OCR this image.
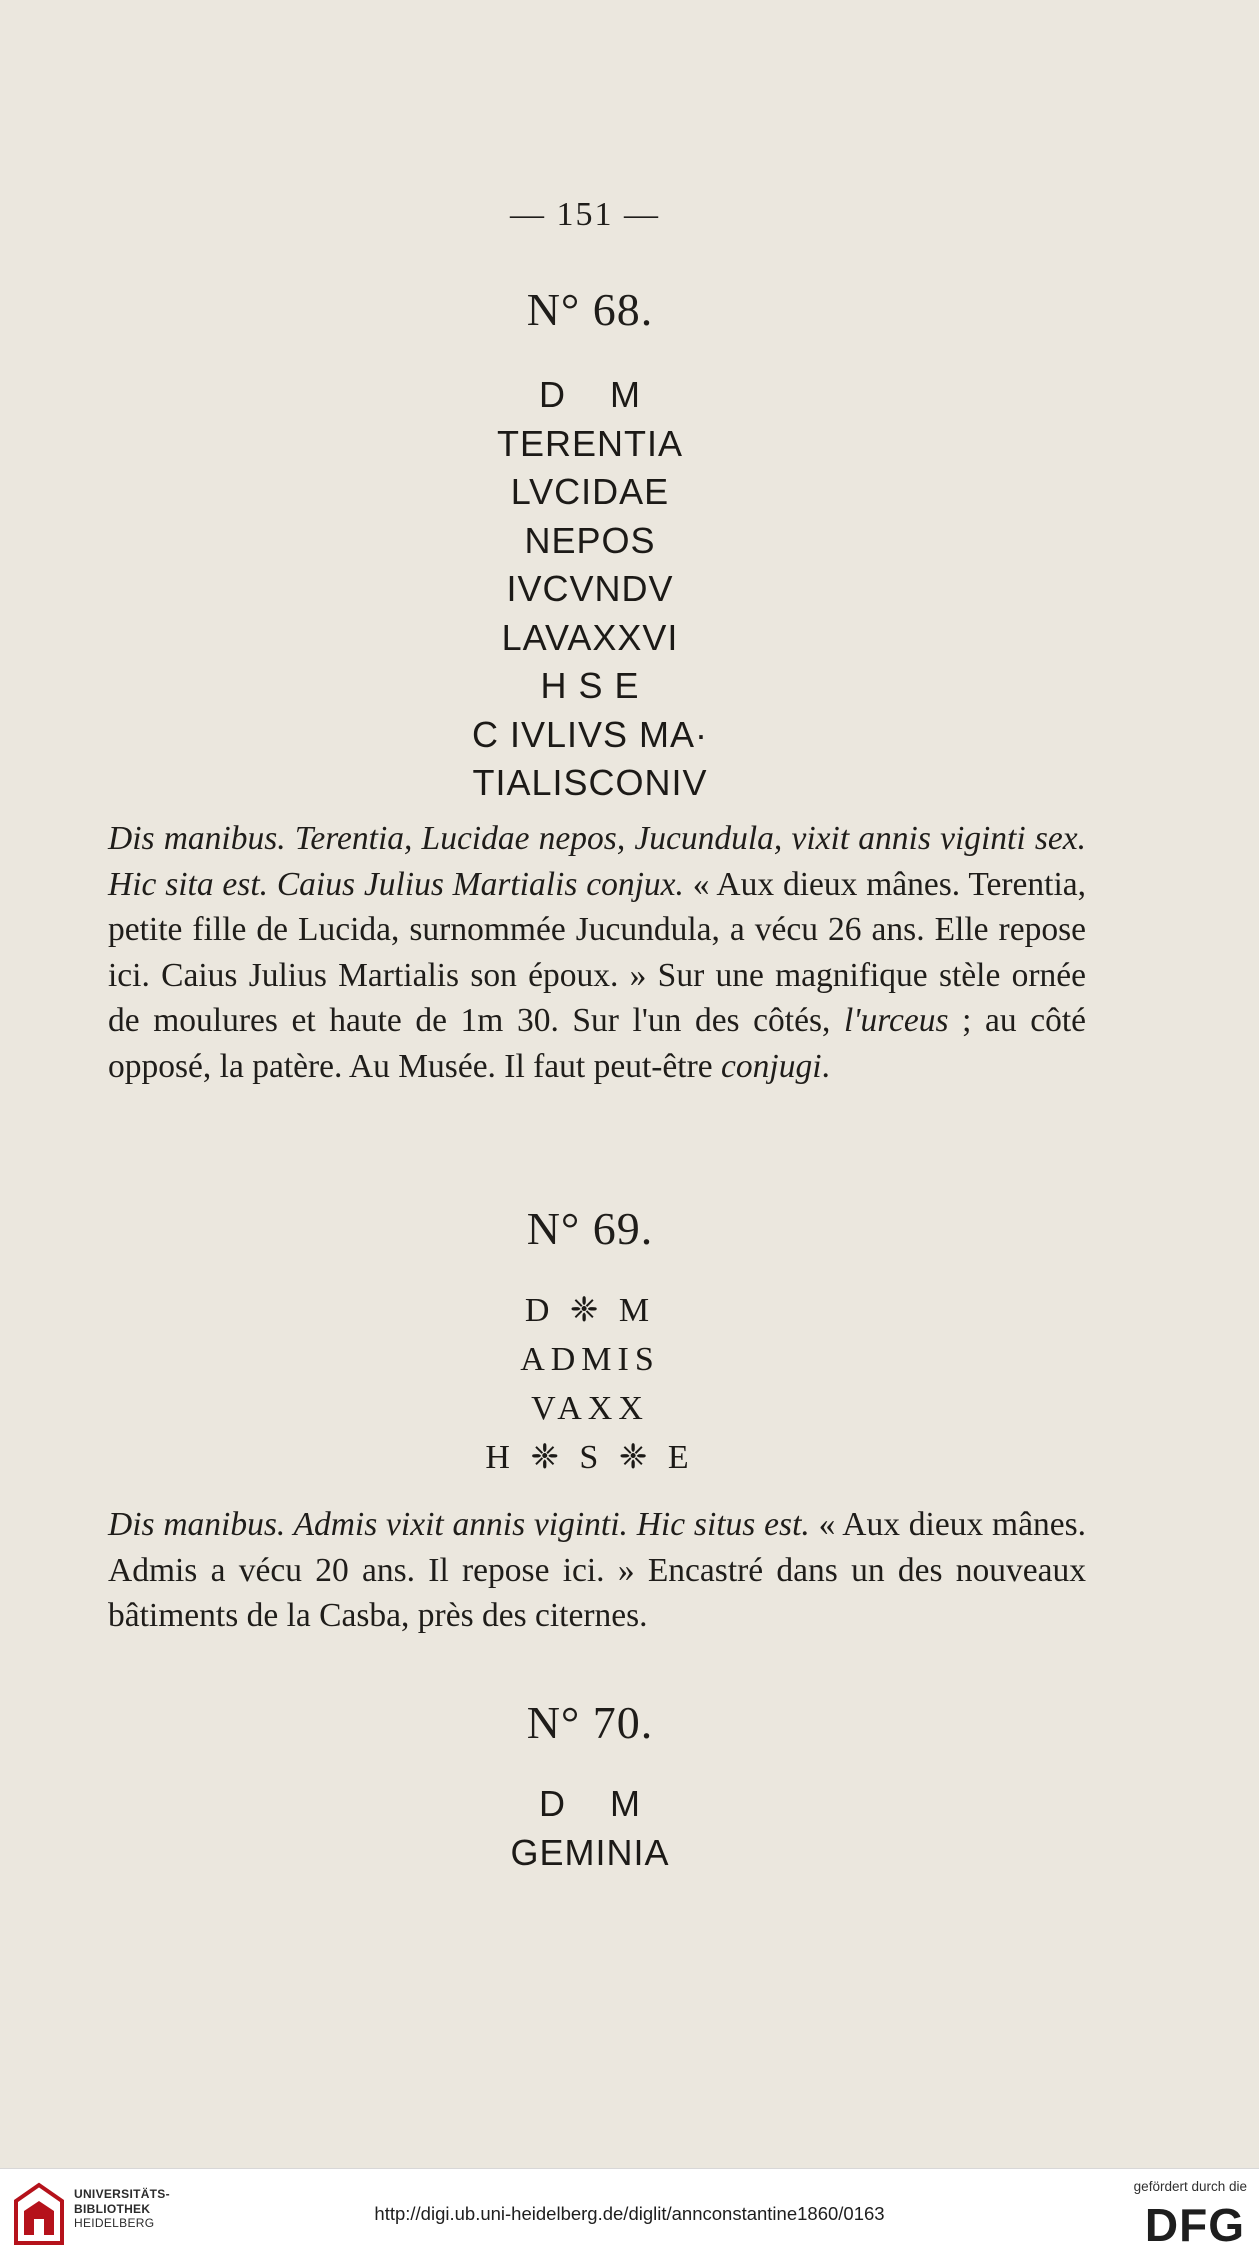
— 151 —
N° 68.
D    M
TERENTIA
LVCIDAE
NEPOS
IVCVNDV
LAVAXXVI
H S E
C IVLIVS MA·
TIALISCONIV
Dis manibus. Terentia, Lucidae nepos, Jucundula, vixit annis viginti sex. Hic sita est. Caius Julius Martialis conjux. « Aux dieux mânes. Terentia, petite fille de Lucida, surnommée Jucundula, a vécu 26 ans. Elle repose ici. Caius Julius Martialis son époux. » Sur une magnifique stèle ornée de moulures et haute de 1m 30. Sur l'un des côtés, l'urceus ; au côté opposé, la patère. Au Musée. Il faut peut-être conjugi.
N° 69.
D ❈ M
ADMIS
VAXX
H ❈ S ❈ E
Dis manibus. Admis vixit annis viginti. Hic situs est. « Aux dieux mânes. Admis a vécu 20 ans. Il repose ici. » Encastré dans un des nouveaux bâtiments de la Casba, près des citernes.
N° 70.
D    M
GEMINIA
UNIVERSITÄTS-
BIBLIOTHEK
HEIDELBERG	http://digi.ub.uni-heidelberg.de/diglit/annconstantine1860/0163
gefördert durch die
DFG
